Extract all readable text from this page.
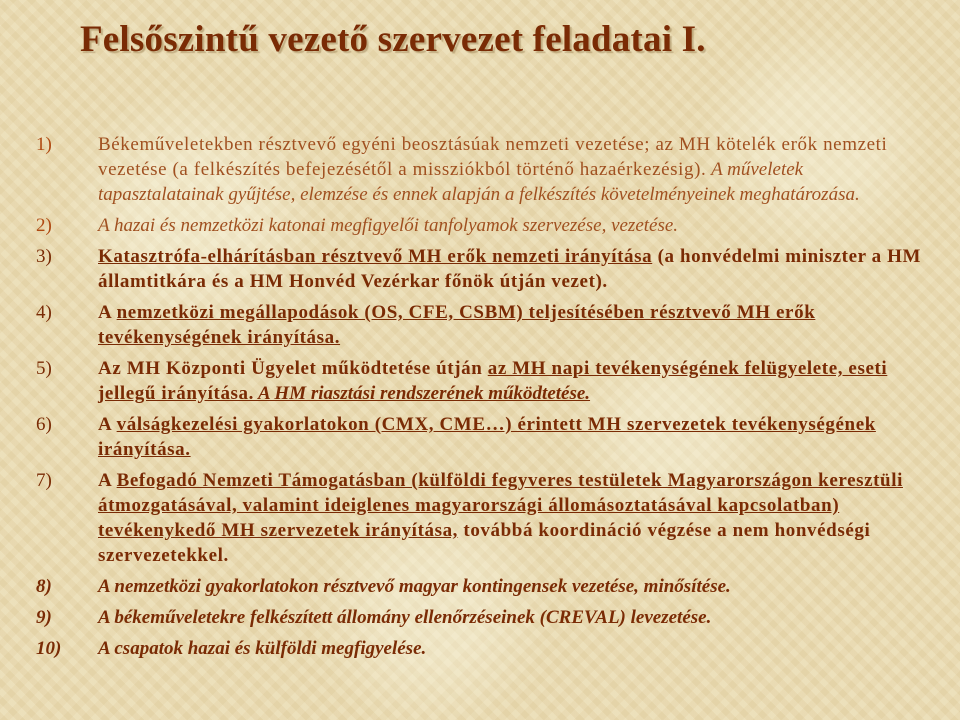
Felsőszintű vezető szervezet feladatai I.
1) Békeműveletekben résztvevő egyéni beosztásúak nemzeti vezetése; az MH kötelék erők nemzeti vezetése (a felkészítés befejezésétől a missziókból történő hazaérkezésig). A műveletek tapasztalatainak gyűjtése, elemzése és ennek alapján a felkészítés követelményeinek meghatározása.
2) A hazai és nemzetközi katonai megfigyelői tanfolyamok szervezése, vezetése.
3) Katasztrófa-elhárításban résztvevő MH erők nemzeti irányítása (a honvédelmi miniszter a HM államtitkára és a HM Honvéd Vezérkar főnök útján vezet).
4) A nemzetközi megállapodások (OS, CFE, CSBM) teljesítésében résztvevő MH erők tevékenységének irányítása.
5) Az MH Központi Ügyelet működtetése útján az MH napi tevékenységének felügyelete, eseti jellegű irányítása. A HM riasztási rendszerének működtetése.
6) A válságkezelési gyakorlatokon (CMX, CME…) érintett MH szervezetek tevékenységének irányítása.
7) A Befogadó Nemzeti Támogatásban (külföldi fegyveres testületek Magyarországon keresztüli átmozgatásával, valamint ideiglenes magyarországi állomásoztatásával kapcsolatban) tevékenykedő MH szervezetek irányítása, továbbá koordináció végzése a nem honvédségi szervezetekkel.
8) A nemzetközi gyakorlatokon résztvevő magyar kontingensek vezetése, minősítése.
9) A békeműveletekre felkészített állomány ellenőrzéseinek (CREVAL) levezetése.
10) A csapatok hazai és külföldi megfigyelése.
